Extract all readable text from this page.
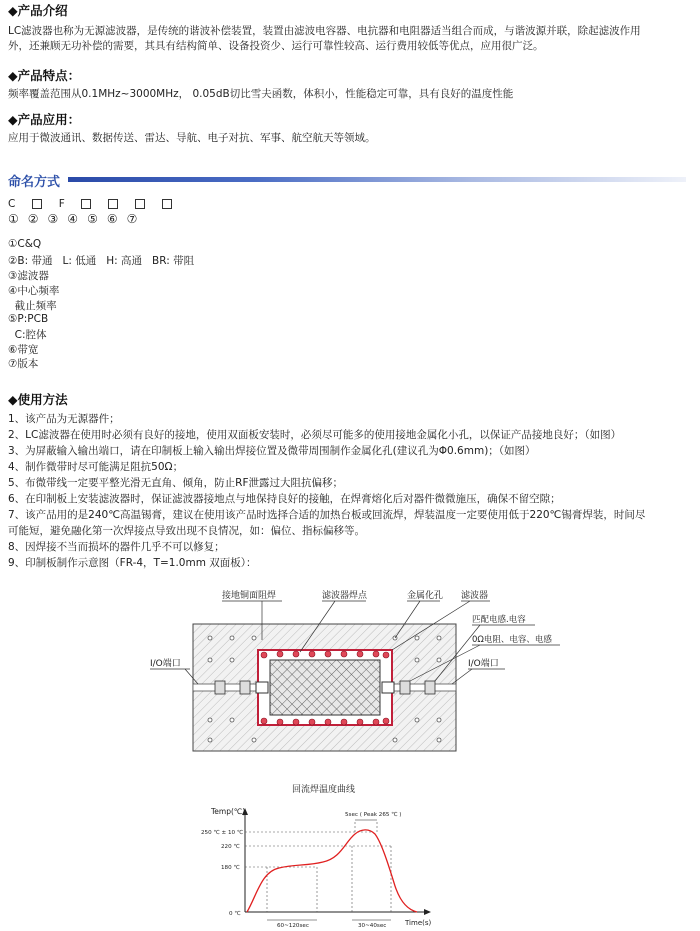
◆产品介绍
LC滤波器也称为无源滤波器，是传统的谐波补偿装置，装置由滤波电容器、电抗器和电阻器适当组合而成，与谐波源并联，除起滤波作用
外，还兼顾无功补偿的需要，其具有结构简单、设备投资少、运行可靠性较高、运行费用较低等优点，应用很广泛。
◆产品特点：
频率覆盖范围从0.1MHz~3000MHz， 0.05dB切比雪夫函数，体积小，性能稳定可靠，具有良好的温度性能
◆产品应用：
应用于微波通讯、数据传送、雷达、导航、电子对抗、军事、航空航天等领域。
命名方式
C	F
①②③④⑤⑥⑦
①C&Q
②B: 带通   L: 低通   H: 高通   BR: 带阻
③滤波器
④中心频率
截止频率
⑤P:PCB
C:腔体
⑥带宽
⑦版本
◆使用方法
1、该产品为无源器件；
2、LC滤波器在使用时必须有良好的接地，使用双面板安装时，必须尽可能多的使用接地金属化小孔，以保证产品接地良好；（如图）
3、为屏蔽输入输出端口，请在印制板上输入输出焊接位置及微带周围制作金属化孔(建议孔为Φ0.6mm)；（如图）
4、制作微带时尽可能满足阻抗50Ω；
5、布微带线一定要平整光滑无直角、倾角，防止RF泄露过大阻抗偏移；
6、在印制板上安装滤波器时，保证滤波器接地点与地保持良好的接触，在焊膏熔化后对器件微微施压，确保不留空隙；
7、该产品用的是240℃高温锡膏，建议在使用该产品时选择合适的加热台板或回流焊，焊装温度一定要使用低于220℃锡膏焊装，时间尽
可能短，避免融化第一次焊接点导致出现不良情况，如：偏位、指标偏移等。
8、因焊接不当而损坏的器件几乎不可以修复；
9、印制板制作示意图（FR-4，T=1.0mm 双面板）：
接地铜面阻焊	滤波器焊点	金属化孔 滤波器
匹配电感.电容
0Ω电阻、电容、电感
I/O端口	I/O端口
回流焊温度曲线
Temp(℃)
Time(s)
250 ℃ ± 10 ℃
220 ℃
180 ℃
0 ℃
5sec ( Peak 265 ℃ )
60~120sec	30~40sec
